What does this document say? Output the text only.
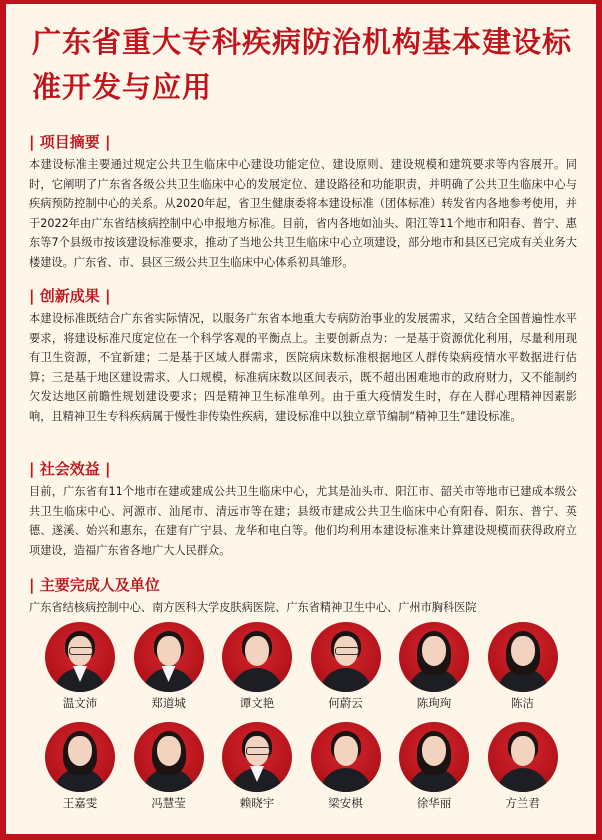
广东省重大专科疾病防治机构基本建设标准开发与应用
| 项目摘要 |
本建设标准主要通过规定公共卫生临床中心建设功能定位、建设原则、建设规模和建筑要求等内容展开。同时，它阐明了广东省各级公共卫生临床中心的发展定位、建设路径和功能职责，并明确了公共卫生临床中心与疾病预防控制中心的关系。从2020年起，省卫生健康委将本建设标准（团体标准）转发省内各地参考使用，并于2022年由广东省结核病控制中心申报地方标准。目前，省内各地如汕头、阳江等11个地市和阳春、普宁、惠东等7个县级市按该建设标准要求，推动了当地公共卫生临床中心立项建设，部分地市和县区已完成有关业务大楼建设。广东省、市、县区三级公共卫生临床中心体系初具雏形。
| 创新成果 |
本建设标准既结合广东省实际情况，以服务广东省本地重大专病防治事业的发展需求，又结合全国普遍性水平要求，将建设标准尺度定位在一个科学客观的平衡点上。主要创新点为：一是基于资源优化利用，尽量利用现有卫生资源，不宜新建；二是基于区域人群需求，医院病床数标准根据地区人群传染病疫情水平数据进行估算；三是基于地区建设需求、人口规模，标准病床数以区间表示，既不超出困难地市的政府财力，又不能制约欠发达地区前瞻性规划建设要求；四是精神卫生标准单列。由于重大疫情发生时，存在人群心理精神因素影响，且精神卫生专科疾病属于慢性非传染性疾病，建设标准中以独立章节编制“精神卫生”建设标准。
| 社会效益 |
目前，广东省有11个地市在建或建成公共卫生临床中心，尤其是汕头市、阳江市、韶关市等地市已建成本级公共卫生临床中心、河源市、汕尾市、清远市等在建；县级市建成公共卫生临床中心有阳春、阳东、普宁、英德、遂溪、始兴和惠东，在建有广宁县、龙华和电白等。他们均利用本建设标准来计算建设规模而获得政府立项建设，造福广东省各地广大人民群众。
| 主要完成人及单位
广东省结核病控制中心、南方医科大学皮肤病医院、广东省精神卫生中心、广州市胸科医院
温文沛	郑道城	谭文艳	何蔚云	陈珣珣	陈洁
王嘉雯	冯慧莹	赖晓宇	梁安棋	徐华丽	方兰君
